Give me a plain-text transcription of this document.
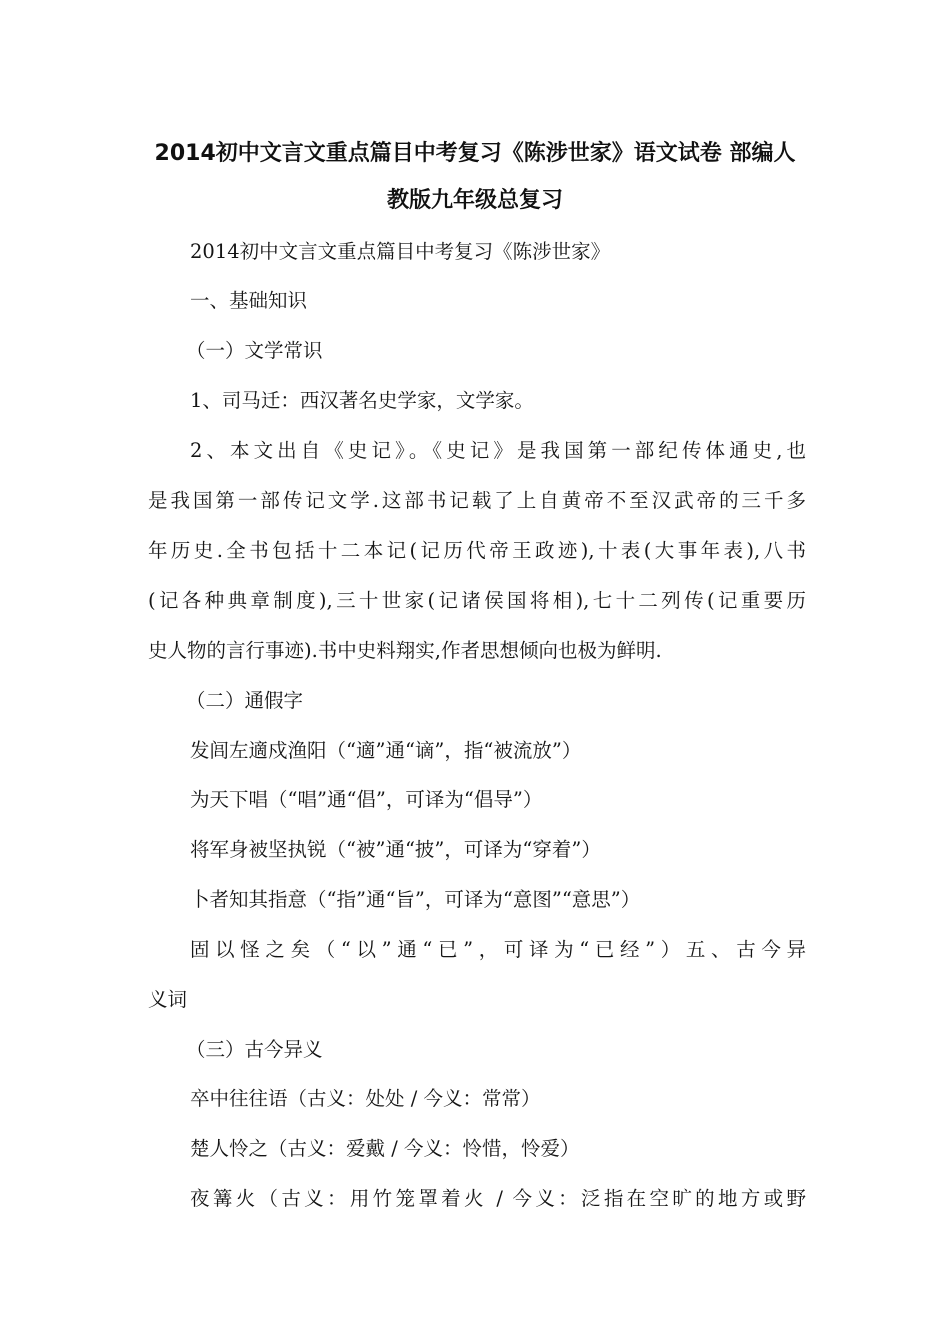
2014初中文言文重点篇目中考复习《陈涉世家》语文试卷 部编人
教版九年级总复习
2014初中文言文重点篇目中考复习《陈涉世家》
一、基础知识
（一）文学常识
1、司马迁：西汉著名史学家，文学家。
2、本文出自《史记》。《史记》是我国第一部纪传体通史,也
是我国第一部传记文学.这部书记载了上自黄帝不至汉武帝的三千多
年历史.全书包括十二本记(记历代帝王政迹),十表(大事年表),八书
(记各种典章制度),三十世家(记诸侯国将相),七十二列传(记重要历
史人物的言行事迹).书中史料翔实,作者思想倾向也极为鲜明.
（二）通假字
发闾左適戍渔阳（“適”通“谪”，指“被流放”）
为天下唱（“唱”通“倡”，可译为“倡导”）
将军身被坚执锐（“被”通“披”，可译为“穿着”）
卜者知其指意（“指”通“旨”，可译为“意图”“意思”）
固以怪之矣（“以”通“已”，可译为“已经”）五、古今异
义词
（三）古今异义
卒中往往语（古义：处处 / 今义：常常）
楚人怜之（古义：爱戴 / 今义：怜惜，怜爱）
夜篝火（古义：用竹笼罩着火 / 今义：泛指在空旷的地方或野
